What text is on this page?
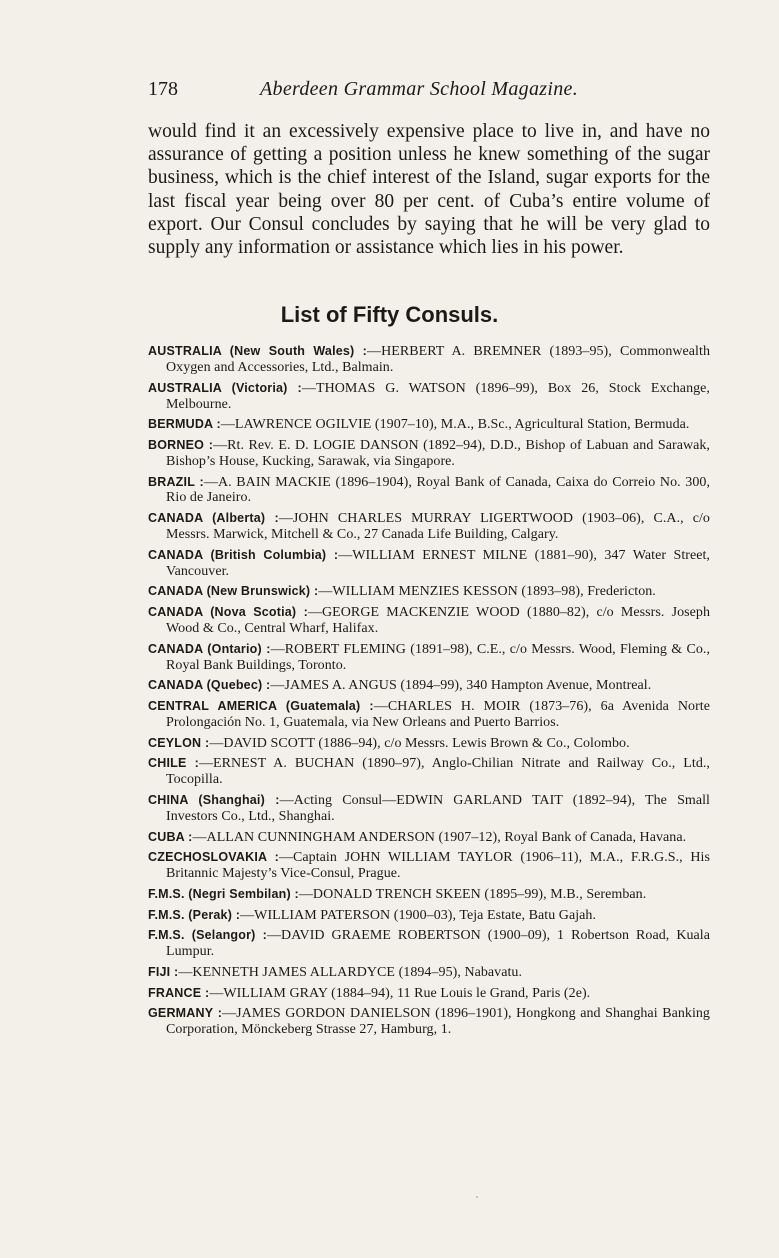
178	Aberdeen Grammar School Magazine.

would find it an excessively expensive place to live in, and have no assurance of getting a position unless he knew something of the sugar business, which is the chief interest of the Island, sugar exports for the last fiscal year being over 80 per cent. of Cuba’s entire volume of export. Our Consul concludes by saying that he will be very glad to supply any information or assistance which lies in his power.

List of Fifty Consuls.
AUSTRALIA (New South Wales) :—HERBERT A. BREMNER (1893–95), Commonwealth Oxygen and Accessories, Ltd., Balmain.
AUSTRALIA (Victoria) :—THOMAS G. WATSON (1896–99), Box 26, Stock Exchange, Melbourne.
BERMUDA :—LAWRENCE OGILVIE (1907–10), M.A., B.Sc., Agricultural Station, Bermuda.
BORNEO :—Rt. Rev. E. D. LOGIE DANSON (1892–94), D.D., Bishop of Labuan and Sarawak, Bishop’s House, Kucking, Sarawak, via Singapore.
BRAZIL :—A. BAIN MACKIE (1896–1904), Royal Bank of Canada, Caixa do Correio No. 300, Rio de Janeiro.
CANADA (Alberta) :—JOHN CHARLES MURRAY LIGERTWOOD (1903–06), C.A., c/o Messrs. Marwick, Mitchell & Co., 27 Canada Life Building, Calgary.
CANADA (British Columbia) :—WILLIAM ERNEST MILNE (1881–90), 347 Water Street, Vancouver.
CANADA (New Brunswick) :—WILLIAM MENZIES KESSON (1893–98), Fredericton.
CANADA (Nova Scotia) :—GEORGE MACKENZIE WOOD (1880–82), c/o Messrs. Joseph Wood & Co., Central Wharf, Halifax.
CANADA (Ontario) :—ROBERT FLEMING (1891–98), C.E., c/o Messrs. Wood, Fleming & Co., Royal Bank Buildings, Toronto.
CANADA (Quebec) :—JAMES A. ANGUS (1894–99), 340 Hampton Avenue, Montreal.
CENTRAL AMERICA (Guatemala) :—CHARLES H. MOIR (1873–76), 6a Avenida Norte Prolongación No. 1, Guatemala, via New Orleans and Puerto Barrios.
CEYLON :—DAVID SCOTT (1886–94), c/o Messrs. Lewis Brown & Co., Colombo.
CHILE :—ERNEST A. BUCHAN (1890–97), Anglo-Chilian Nitrate and Railway Co., Ltd., Tocopilla.
CHINA (Shanghai) :—Acting Consul—EDWIN GARLAND TAIT (1892–94), The Small Investors Co., Ltd., Shanghai.
CUBA :—ALLAN CUNNINGHAM ANDERSON (1907–12), Royal Bank of Canada, Havana.
CZECHOSLOVAKIA :—Captain JOHN WILLIAM TAYLOR (1906–11), M.A., F.R.G.S., His Britannic Majesty’s Vice-Consul, Prague.
F.M.S. (Negri Sembilan) :—DONALD TRENCH SKEEN (1895–99), M.B., Seremban.
F.M.S. (Perak) :—WILLIAM PATERSON (1900–03), Teja Estate, Batu Gajah.
F.M.S. (Selangor) :—DAVID GRAEME ROBERTSON (1900–09), 1 Robertson Road, Kuala Lumpur.
FIJI :—KENNETH JAMES ALLARDYCE (1894–95), Nabavatu.
FRANCE :—WILLIAM GRAY (1884–94), 11 Rue Louis le Grand, Paris (2e).
GERMANY :—JAMES GORDON DANIELSON (1896–1901), Hongkong and Shanghai Banking Corporation, Mönckeberg Strasse 27, Hamburg, 1.
